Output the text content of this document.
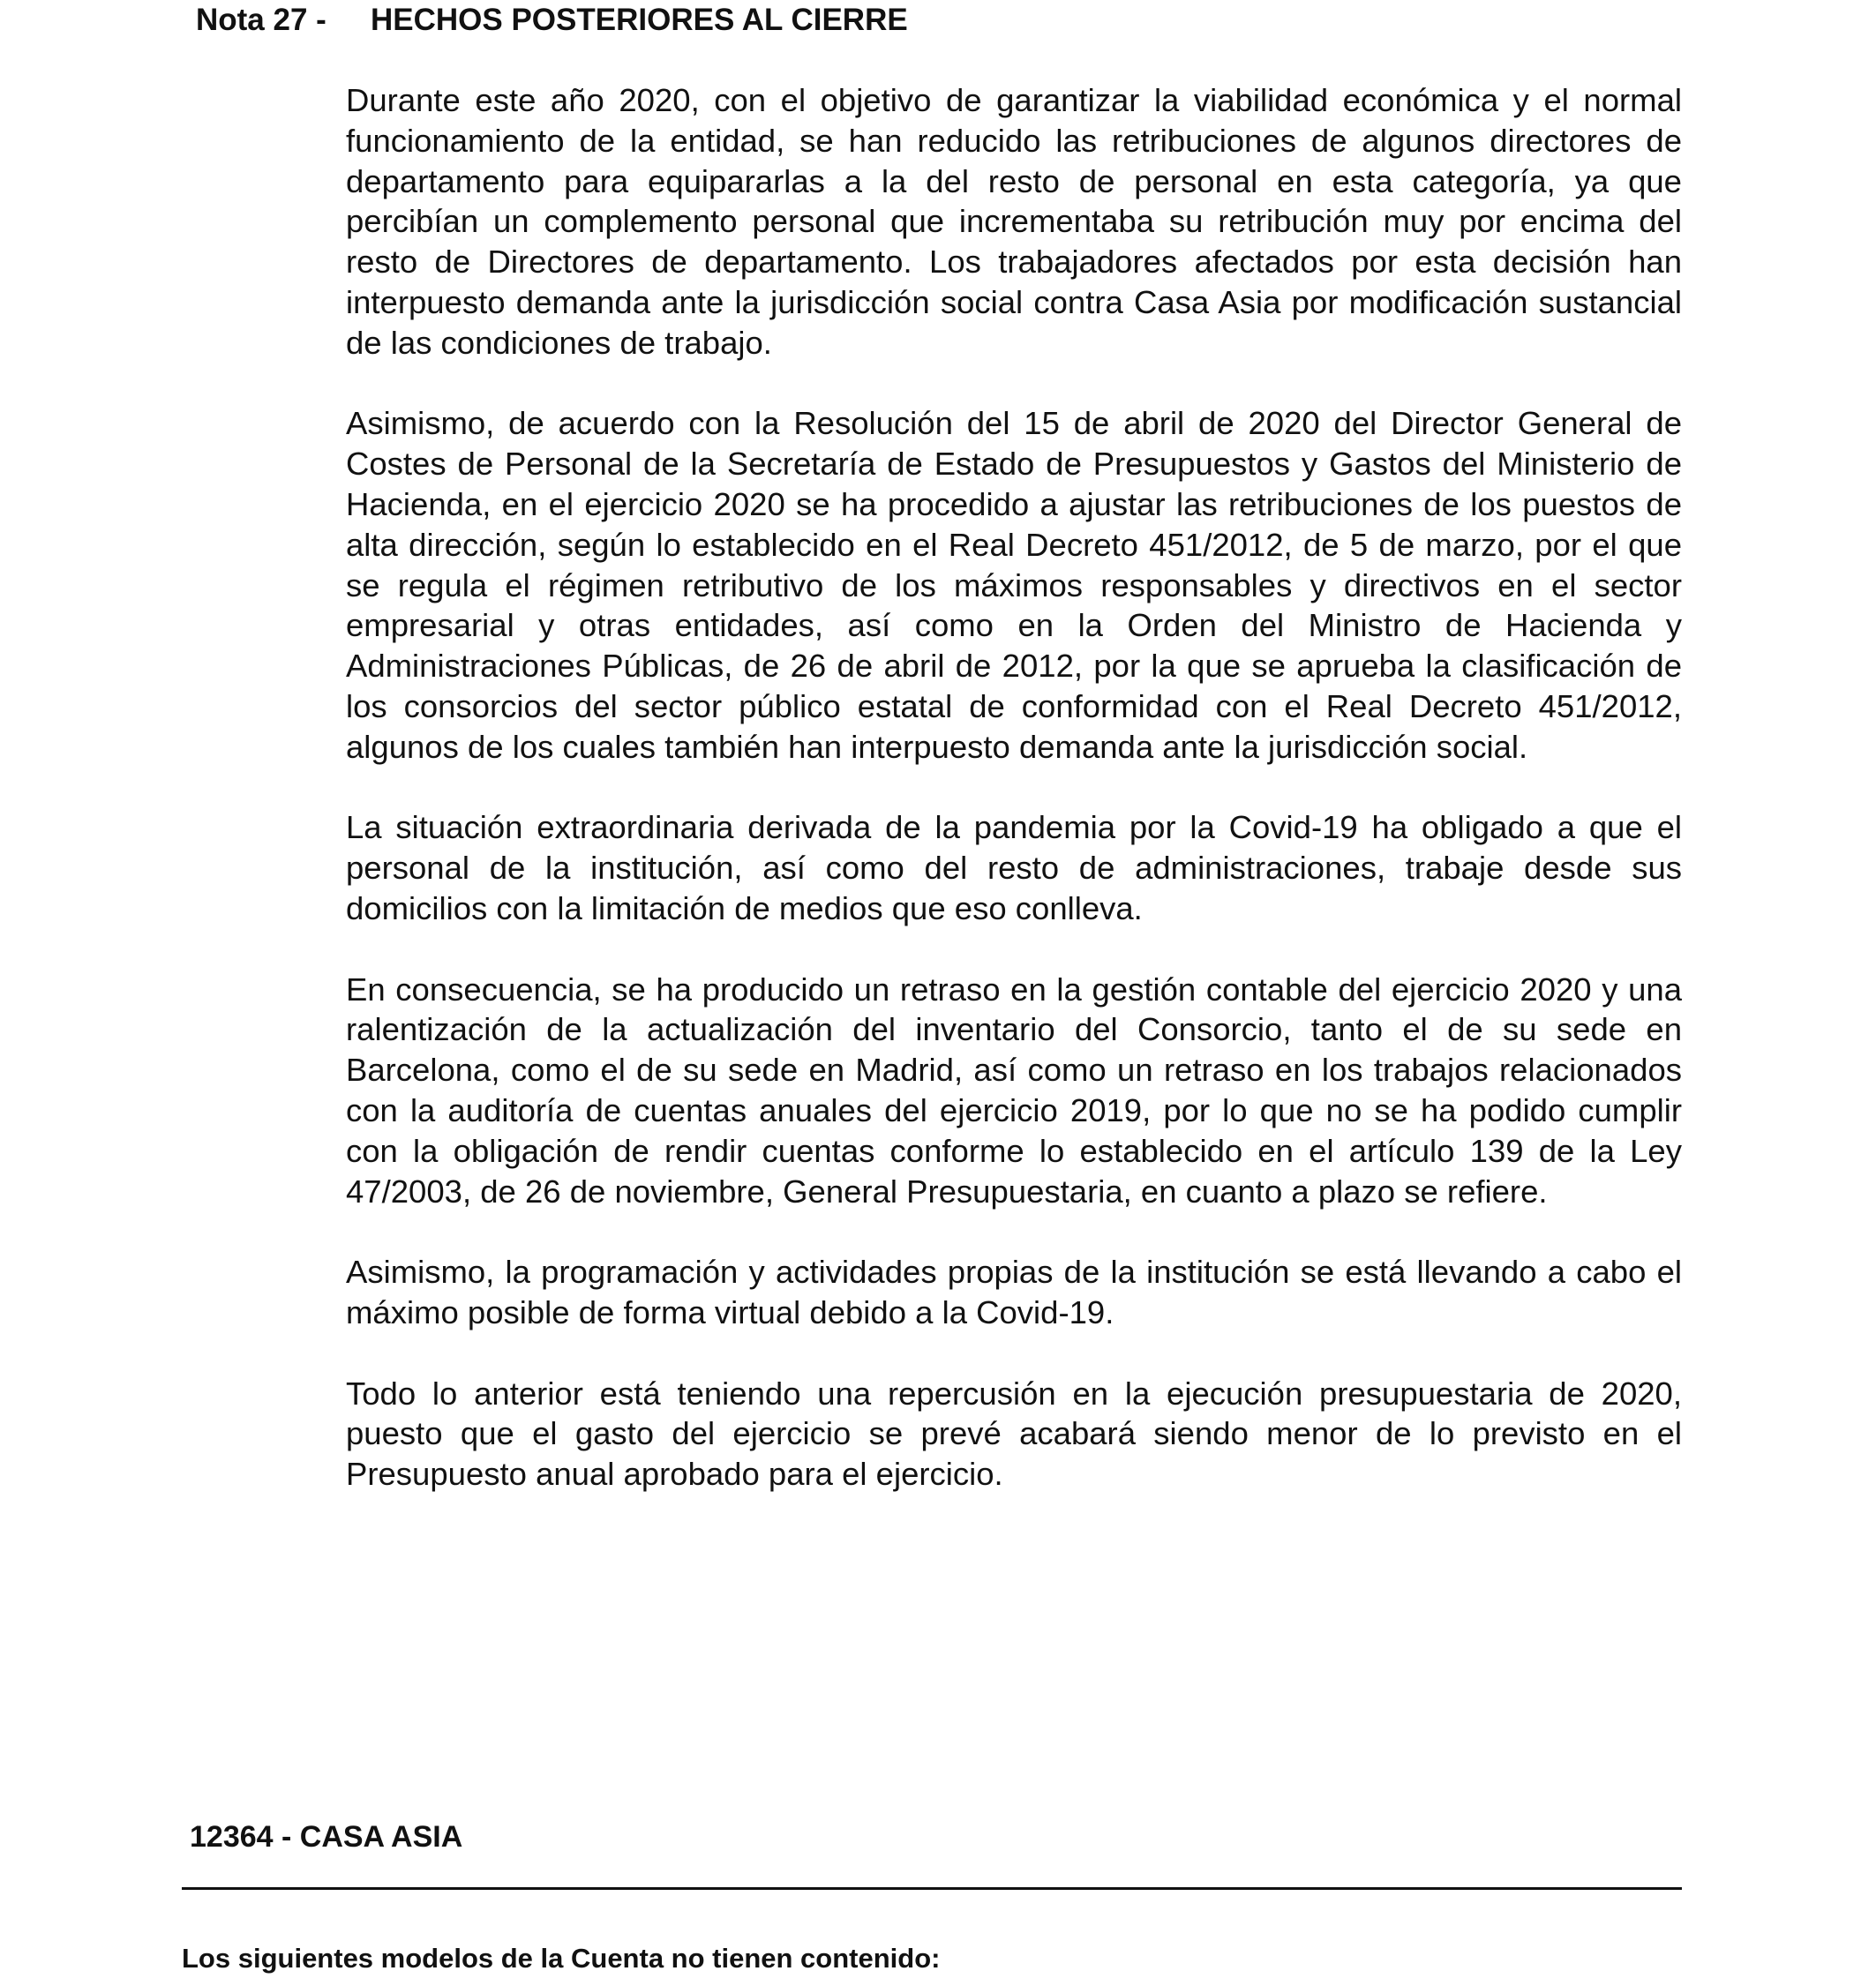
Nota 27 - HECHOS POSTERIORES AL CIERRE

Durante este año 2020, con el objetivo de garantizar la viabilidad económica y el normal funcionamiento de la entidad, se han reducido las retribuciones de algunos directores de departamento para equipararlas a la del resto de personal en esta categoría, ya que percibían un complemento personal que incrementaba su retribución muy por encima del resto de Directores de departamento. Los trabajadores afectados por esta decisión han interpuesto demanda ante la jurisdicción social contra Casa Asia por modificación sustancial de las condiciones de trabajo.

Asimismo, de acuerdo con la Resolución del 15 de abril de 2020 del Director General de Costes de Personal de la Secretaría de Estado de Presupuestos y Gastos del Ministerio de Hacienda, en el ejercicio 2020 se ha procedido a ajustar las retribuciones de los puestos de alta dirección, según lo establecido en el Real Decreto 451/2012, de 5 de marzo, por el que se regula el régimen retributivo de los máximos responsables y directivos en el sector empresarial y otras entidades, así como en la Orden del Ministro de Hacienda y Administraciones Públicas, de 26 de abril de 2012, por la que se aprueba la clasificación de los consorcios del sector público estatal de conformidad con el Real Decreto 451/2012, algunos de los cuales también han interpuesto demanda ante la jurisdicción social.

La situación extraordinaria derivada de la pandemia por la Covid-19 ha obligado a que el personal de la institución, así como del resto de administraciones, trabaje desde sus domicilios con la limitación de medios que eso conlleva.

En consecuencia, se ha producido un retraso en la gestión contable del ejercicio 2020 y una ralentización de la actualización del inventario del Consorcio, tanto el de su sede en Barcelona, como el de su sede en Madrid, así como un retraso en los trabajos relacionados con la auditoría de cuentas anuales del ejercicio 2019, por lo que no se ha podido cumplir con la obligación de rendir cuentas conforme lo establecido en el artículo 139 de la Ley 47/2003, de 26 de noviembre, General Presupuestaria, en cuanto a plazo se refiere.

Asimismo, la programación y actividades propias de la institución se está llevando a cabo el máximo posible de forma virtual debido a la Covid-19.

Todo lo anterior está teniendo una repercusión en la ejecución presupuestaria de 2020, puesto que el gasto del ejercicio se prevé acabará siendo menor de lo previsto en el Presupuesto anual aprobado para el ejercicio.

12364 - CASA ASIA
Los siguientes modelos de la Cuenta no tienen contenido:
